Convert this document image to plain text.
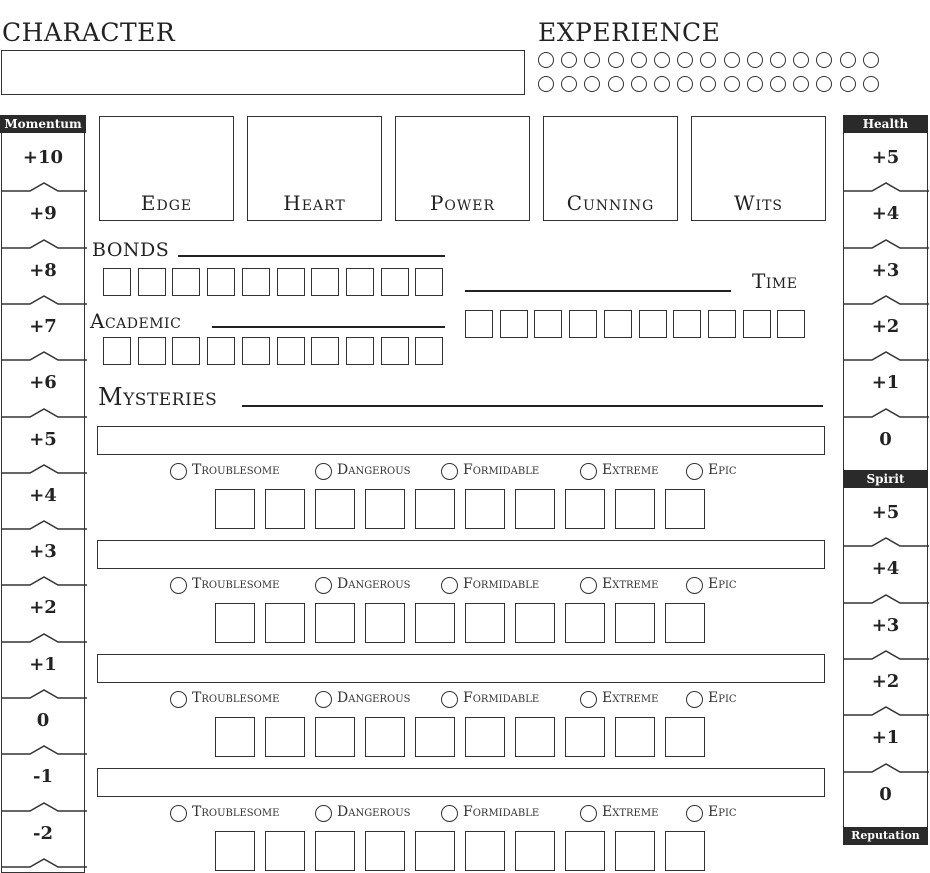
CHARACTER	EXPERIENCE
Momentum
+10
+9
+8
+7
+6
+5
+4
+3
+2
+1
0
-1
-2
Health
+5
+4
+3
+2
+1
0
Spirit
+5
+4
+3
+2
+1
0
Reputation
Edge	Heart	Power	Cunning	Wits
BONDS
Academic
Time
Mysteries
Troublesome	Dangerous	Formidable	Extreme	Epic
Troublesome	Dangerous	Formidable	Extreme	Epic
Troublesome	Dangerous	Formidable	Extreme	Epic
Troublesome	Dangerous	Formidable	Extreme	Epic
